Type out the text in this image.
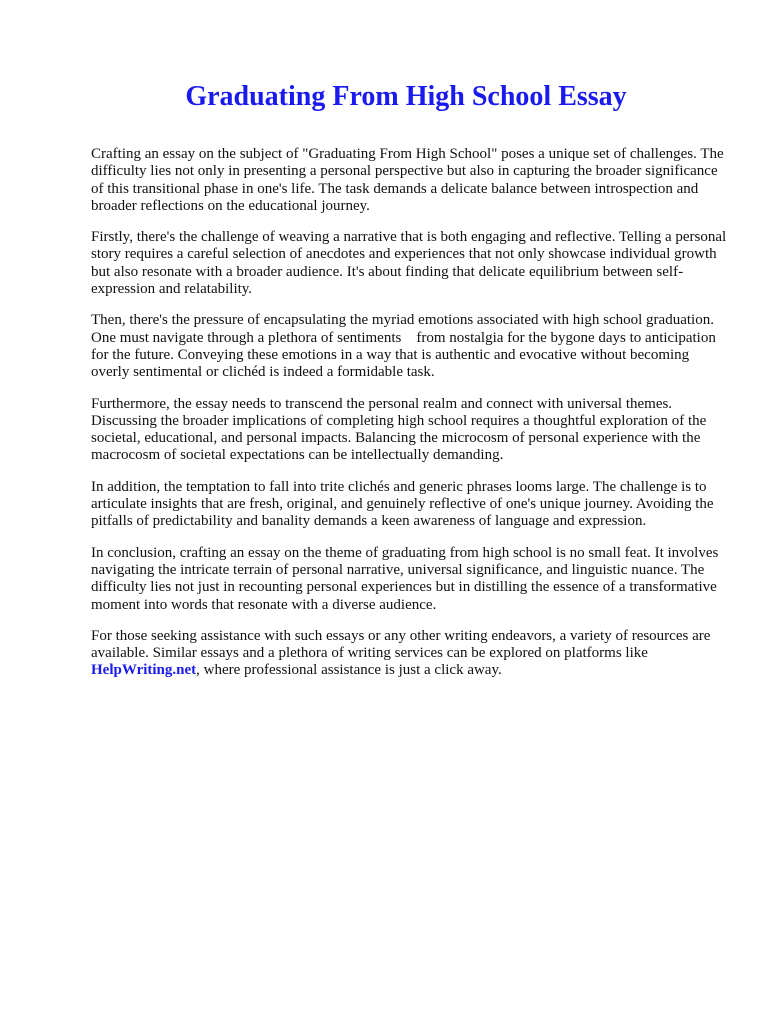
Graduating From High School Essay

Crafting an essay on the subject of "Graduating From High School" poses a unique set of challenges. The difficulty lies not only in presenting a personal perspective but also in capturing the broader significance of this transitional phase in one's life. The task demands a delicate balance between introspection and broader reflections on the educational journey.

Firstly, there's the challenge of weaving a narrative that is both engaging and reflective. Telling a personal story requires a careful selection of anecdotes and experiences that not only showcase individual growth but also resonate with a broader audience. It's about finding that delicate equilibrium between self-expression and relatability.

Then, there's the pressure of encapsulating the myriad emotions associated with high school graduation. One must navigate through a plethora of sentiments    from nostalgia for the bygone days to anticipation for the future. Conveying these emotions in a way that is authentic and evocative without becoming overly sentimental or clichéd is indeed a formidable task.

Furthermore, the essay needs to transcend the personal realm and connect with universal themes. Discussing the broader implications of completing high school requires a thoughtful exploration of the societal, educational, and personal impacts. Balancing the microcosm of personal experience with the macrocosm of societal expectations can be intellectually demanding.

In addition, the temptation to fall into trite clichés and generic phrases looms large. The challenge is to articulate insights that are fresh, original, and genuinely reflective of one's unique journey. Avoiding the pitfalls of predictability and banality demands a keen awareness of language and expression.

In conclusion, crafting an essay on the theme of graduating from high school is no small feat. It involves navigating the intricate terrain of personal narrative, universal significance, and linguistic nuance. The difficulty lies not just in recounting personal experiences but in distilling the essence of a transformative moment into words that resonate with a diverse audience.

For those seeking assistance with such essays or any other writing endeavors, a variety of resources are available. Similar essays and a plethora of writing services can be explored on platforms like HelpWriting.net, where professional assistance is just a click away.
